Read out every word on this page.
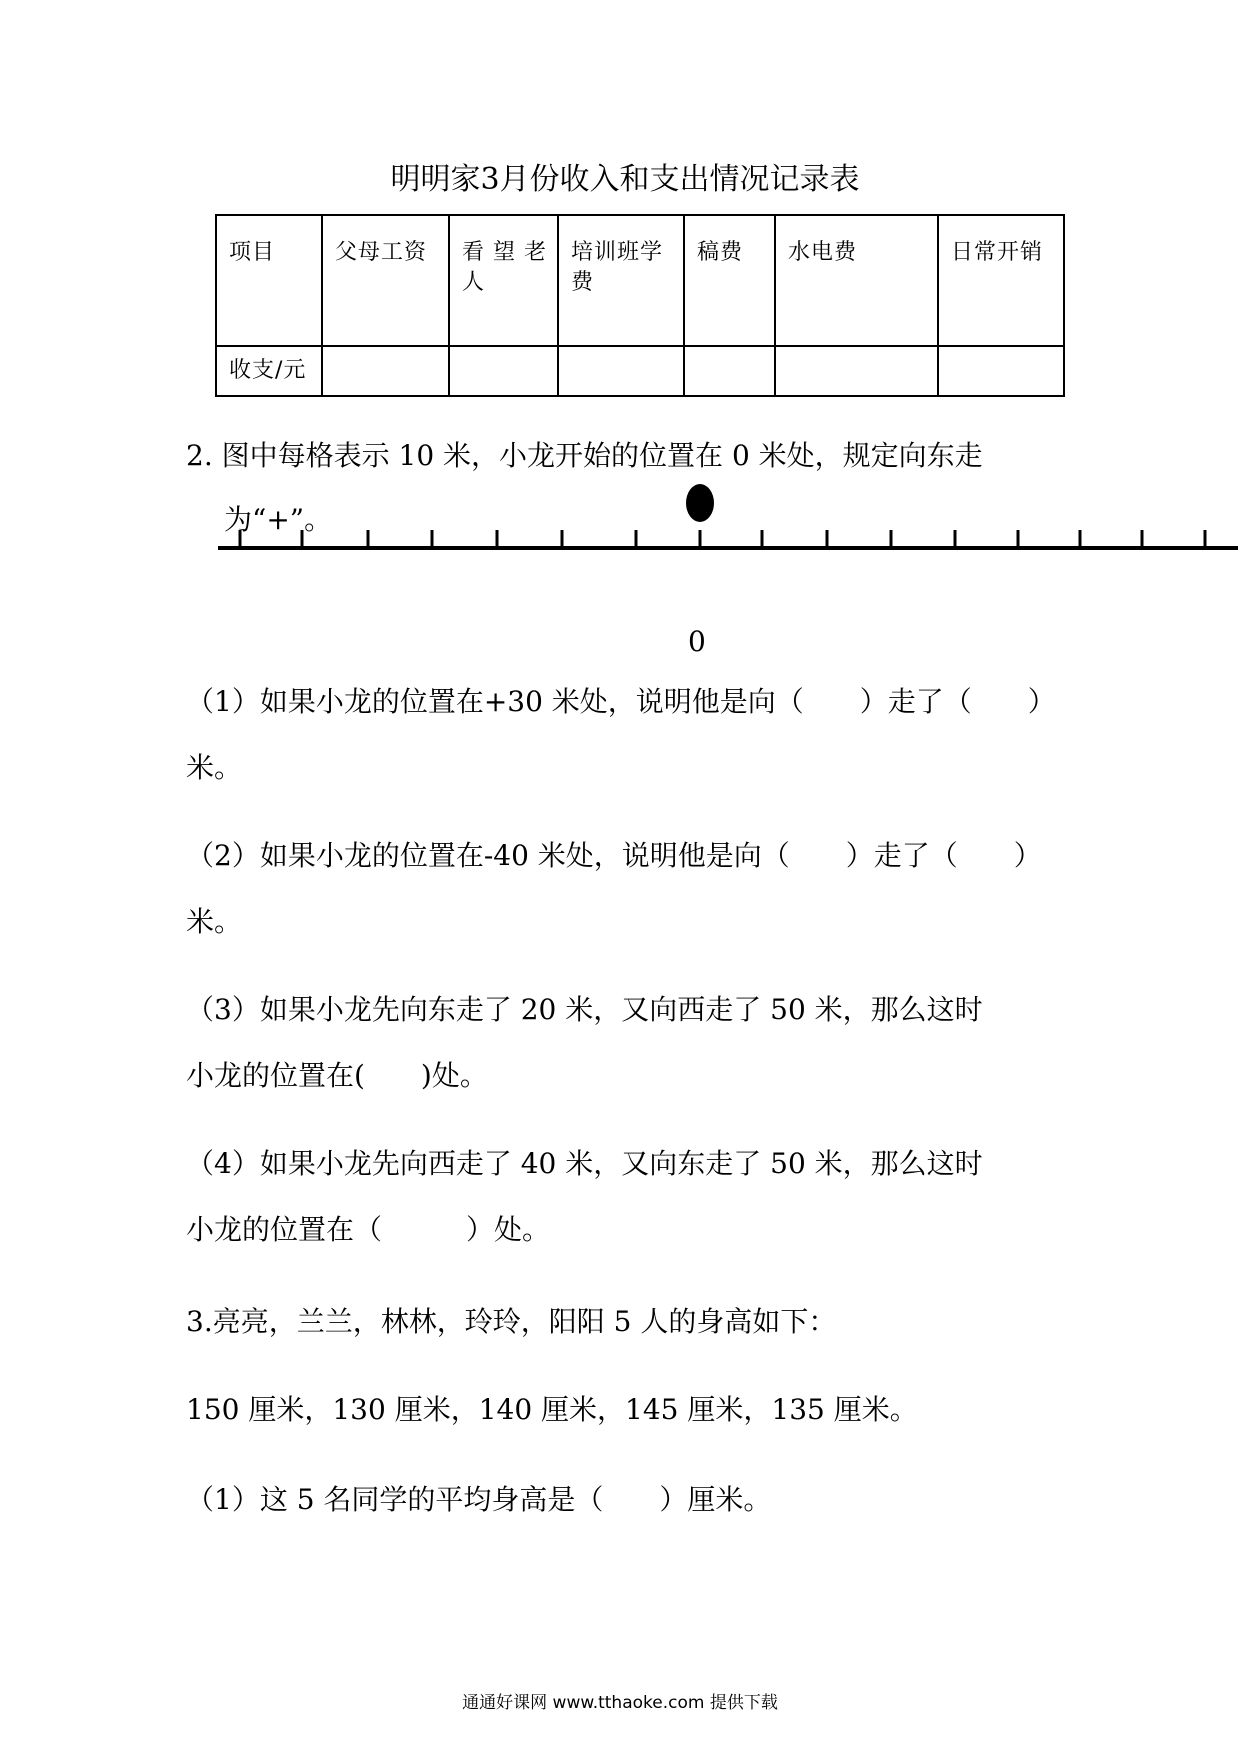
明明家3月份收入和支出情况记录表
项目	父母工资	看 望 老人	培训班学费	稿费	水电费	日常开销
收支/元						
2. 图中每格表示 10 米，小龙开始的位置在 0 米处，规定向东走
为“+”。
0
（1）如果小龙的位置在+30 米处，说明他是向（　　）走了（　　）
米。
（2）如果小龙的位置在-40 米处，说明他是向（　　）走了（　　）
米。
（3）如果小龙先向东走了 20 米，又向西走了 50 米，那么这时
小龙的位置在(　　)处。
（4）如果小龙先向西走了 40 米，又向东走了 50 米，那么这时
小龙的位置在（　　　）处。
3.亮亮，兰兰，林林，玲玲，阳阳 5 人的身高如下：
150 厘米，130 厘米，140 厘米，145 厘米，135 厘米。
（1）这 5 名同学的平均身高是（　　）厘米。
通通好课网 www.tthaoke.com 提供下载
